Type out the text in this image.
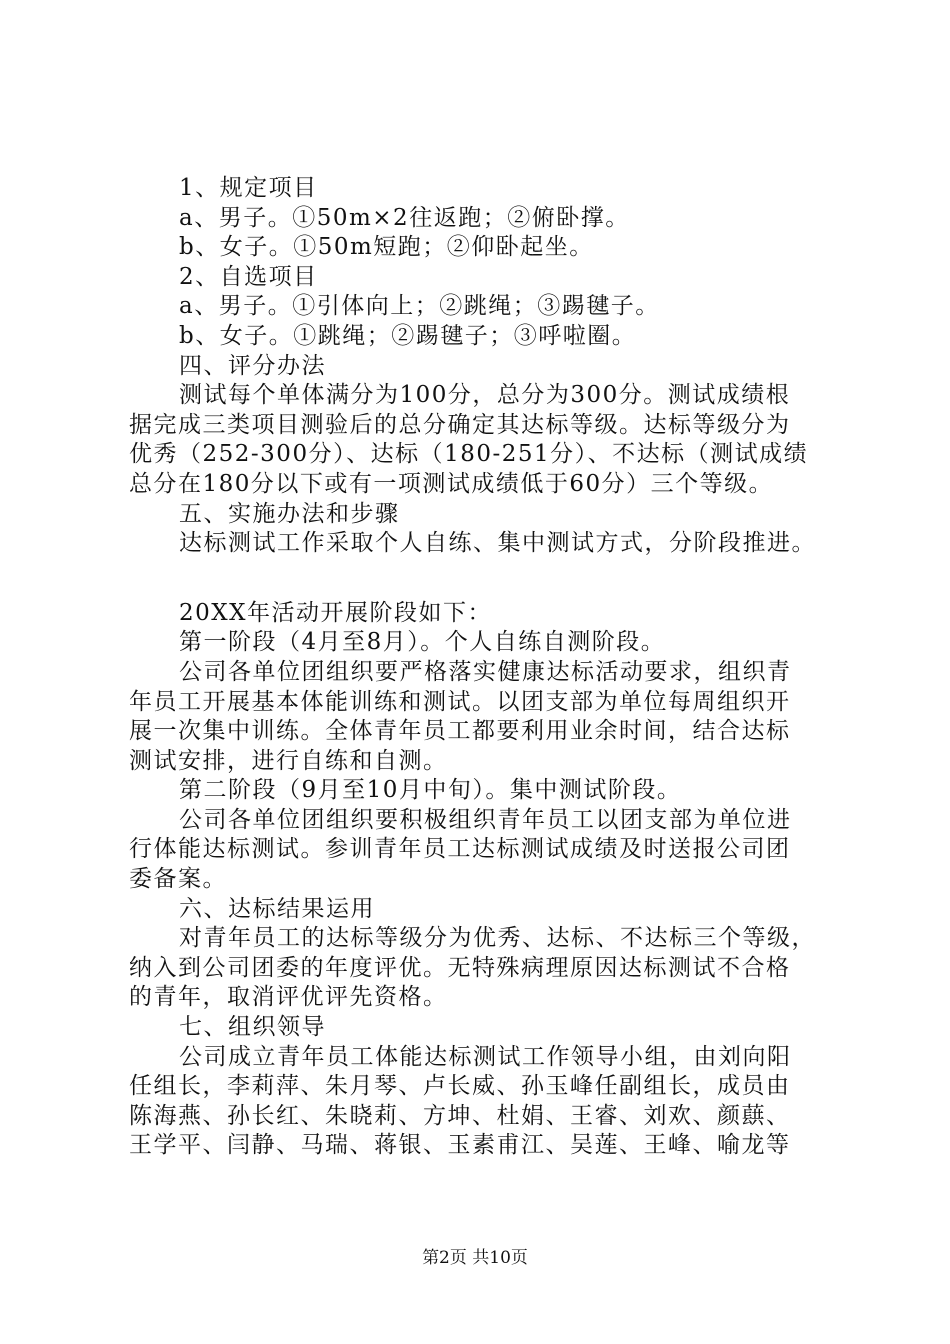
1、规定项目
a、男子。①50m×2往返跑；②俯卧撑。
b、女子。①50m短跑；②仰卧起坐。
2、自选项目
a、男子。①引体向上；②跳绳；③踢毽子。
b、女子。①跳绳；②踢毽子；③呼啦圈。
四、评分办法
测试每个单体满分为100分，总分为300分。测试成绩根
据完成三类项目测验后的总分确定其达标等级。达标等级分为
优秀（252-300分）、达标（180-251分）、不达标（测试成绩
总分在180分以下或有一项测试成绩低于60分）三个等级。
五、实施办法和步骤
达标测试工作采取个人自练、集中测试方式，分阶段推进。
20XX年活动开展阶段如下：
第一阶段（4月至8月）。个人自练自测阶段。
公司各单位团组织要严格落实健康达标活动要求，组织青
年员工开展基本体能训练和测试。以团支部为单位每周组织开
展一次集中训练。全体青年员工都要利用业余时间，结合达标
测试安排，进行自练和自测。
第二阶段（9月至10月中旬）。集中测试阶段。
公司各单位团组织要积极组织青年员工以团支部为单位进
行体能达标测试。参训青年员工达标测试成绩及时送报公司团
委备案。
六、达标结果运用
对青年员工的达标等级分为优秀、达标、不达标三个等级，
纳入到公司团委的年度评优。无特殊病理原因达标测试不合格
的青年，取消评优评先资格。
七、组织领导
公司成立青年员工体能达标测试工作领导小组，由刘向阳
任组长，李莉萍、朱月琴、卢长威、孙玉峰任副组长，成员由
陈海燕、孙长红、朱晓莉、方坤、杜娟、王睿、刘欢、颜蕻、
王学平、闫静、马瑞、蒋银、玉素甫江、吴莲、王峰、喻龙等
第2页 共10页
